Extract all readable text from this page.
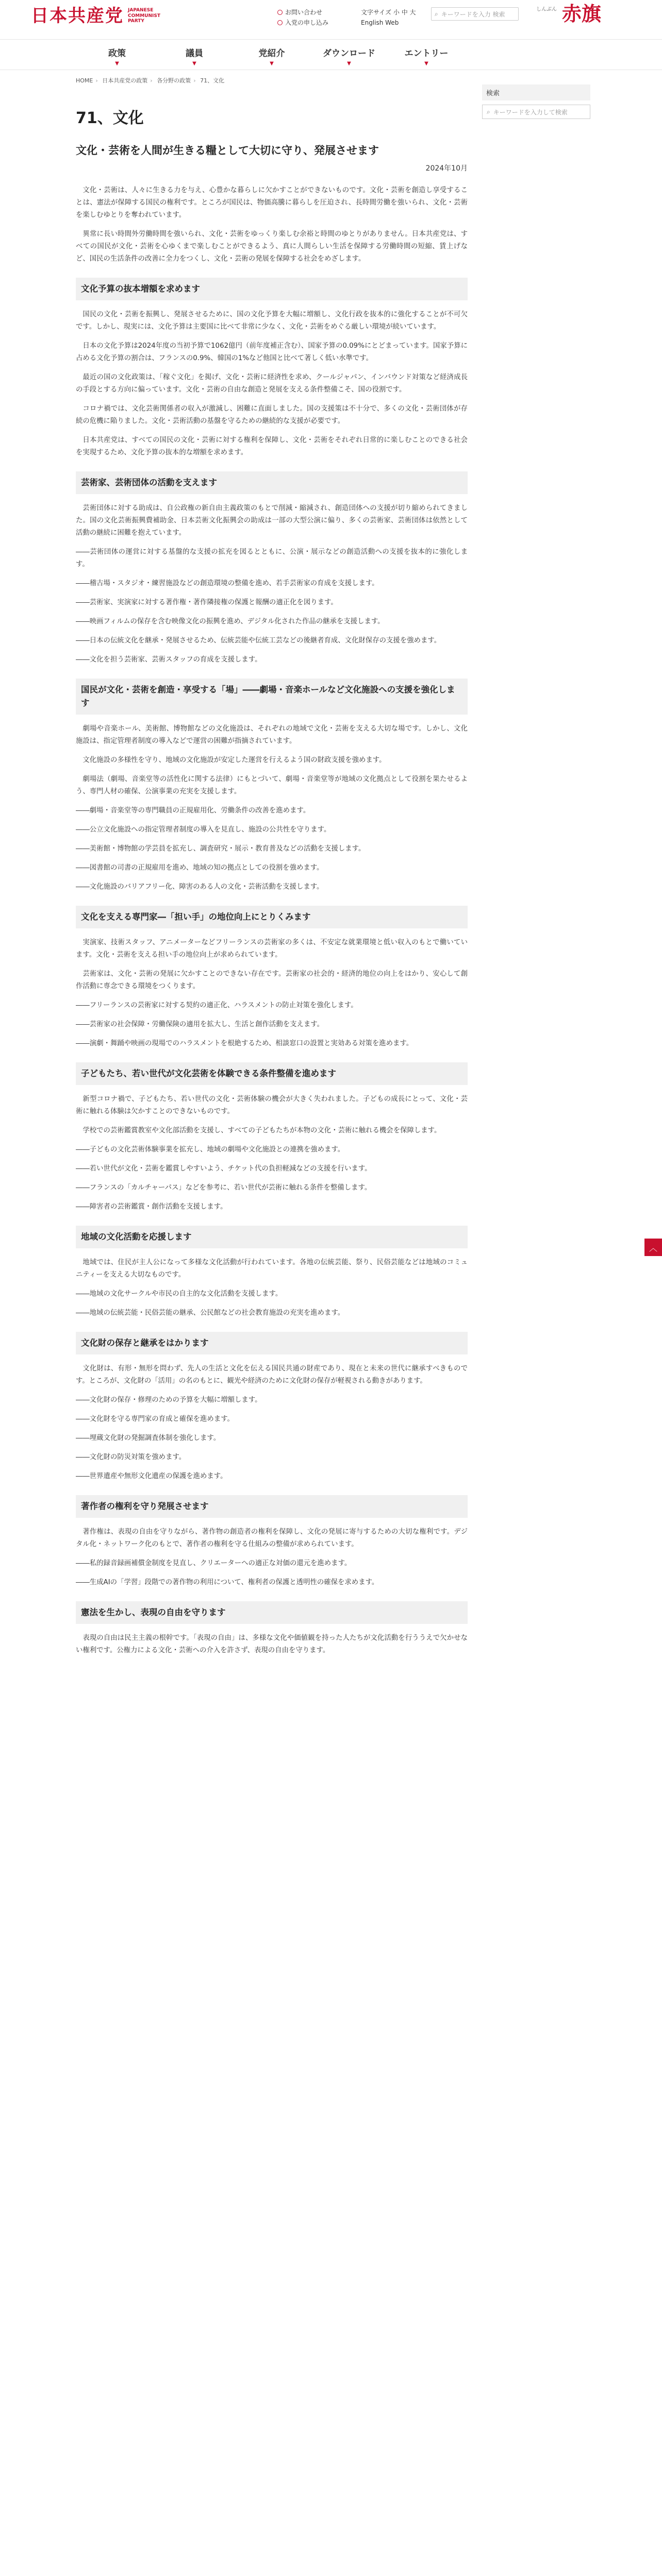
日本共産党 JAPANESE
COMMUNIST
PARTY
お問い合わせ
入党の申し込み
文字サイズ 小 中 大
English Web
⌕ キーワードを入力 検索
しんぶん 赤旗
政策
▼
議員
▼
党紹介
▼
ダウンロード
▼
エントリー
▼
HOME › 日本共産党の政策 › 各分野の政策 › 71、文化
検索
⌕ キーワードを入力して検索
71、文化
文化・芸術を人間が生きる糧として大切に守り、発展させます
2024年10月

文化・芸術は、人々に生きる力を与え、心豊かな暮らしに欠かすことができないものです。文化・芸術を創造し享受することは、憲法が保障する国民の権利です。ところが国民は、物価高騰に暮らしを圧迫され、長時間労働を強いられ、文化・芸術を楽しむゆとりを奪われています。

異常に長い時間外労働時間を強いられ、文化・芸術をゆっくり楽しむ余裕と時間のゆとりがありません。日本共産党は、すべての国民が文化・芸術を心ゆくまで楽しむことができるよう、真に人間らしい生活を保障する労働時間の短縮、賃上げなど、国民の生活条件の改善に全力をつくし、文化・芸術の発展を保障する社会をめざします。

文化予算の抜本増額を求めます

国民の文化・芸術を振興し、発展させるために、国の文化予算を大幅に増額し、文化行政を抜本的に強化することが不可欠です。しかし、現実には、文化予算は主要国に比べて非常に少なく、文化・芸術をめぐる厳しい環境が続いています。

日本の文化予算は2024年度の当初予算で1062億円（前年度補正含む）、国家予算の0.09%にとどまっています。国家予算に占める文化予算の割合は、フランスの0.9%、韓国の1%など他国と比べて著しく低い水準です。

最近の国の文化政策は、「稼ぐ文化」を掲げ、文化・芸術に経済性を求め、クールジャパン、インバウンド対策など経済成長の手段とする方向に偏っています。文化・芸術の自由な創造と発展を支える条件整備こそ、国の役割です。

コロナ禍では、文化芸術関係者の収入が激減し、困難に直面しました。国の支援策は不十分で、多くの文化・芸術団体が存続の危機に陥りました。文化・芸術活動の基盤を守るための継続的な支援が必要です。

日本共産党は、すべての国民の文化・芸術に対する権利を保障し、文化・芸術をそれぞれ日常的に楽しむことのできる社会を実現するため、文化予算の抜本的な増額を求めます。

芸術家、芸術団体の活動を支えます

芸術団体に対する助成は、自公政権の新自由主義政策のもとで削減・縮減され、創造団体への支援が切り縮められてきました。国の文化芸術振興費補助金、日本芸術文化振興会の助成は一部の大型公演に偏り、多くの芸術家、芸術団体は依然として活動の継続に困難を抱えています。

――芸術団体の運営に対する基盤的な支援の拡充を図るとともに、公演・展示などの創造活動への支援を抜本的に強化します。

――稽古場・スタジオ・練習施設などの創造環境の整備を進め、若手芸術家の育成を支援します。

――芸術家、実演家に対する著作権・著作隣接権の保護と報酬の適正化を図ります。

――映画フィルムの保存を含む映像文化の振興を進め、デジタル化された作品の継承を支援します。

――日本の伝統文化を継承・発展させるため、伝統芸能や伝統工芸などの後継者育成、文化財保存の支援を強めます。

――文化を担う芸術家、芸術スタッフの育成を支援します。

国民が文化・芸術を創造・享受する「場」――劇場・音楽ホールなど文化施設への支援を強化します

劇場や音楽ホール、美術館、博物館などの文化施設は、それぞれの地域で文化・芸術を支える大切な場です。しかし、文化施設は、指定管理者制度の導入などで運営の困難が指摘されています。

文化施設の多様性を守り、地域の文化施設が安定した運営を行えるよう国の財政支援を強めます。

劇場法（劇場、音楽堂等の活性化に関する法律）にもとづいて、劇場・音楽堂等が地域の文化拠点として役割を果たせるよう、専門人材の確保、公演事業の充実を支援します。

――劇場・音楽堂等の専門職員の正規雇用化、労働条件の改善を進めます。

――公立文化施設への指定管理者制度の導入を見直し、施設の公共性を守ります。

――美術館・博物館の学芸員を拡充し、調査研究・展示・教育普及などの活動を支援します。

――図書館の司書の正規雇用を進め、地域の知の拠点としての役割を強めます。

――文化施設のバリアフリー化、障害のある人の文化・芸術活動を支援します。

文化を支える専門家―「担い手」の地位向上にとりくみます

実演家、技術スタッフ、アニメーターなどフリーランスの芸術家の多くは、不安定な就業環境と低い収入のもとで働いています。文化・芸術を支える担い手の地位向上が求められています。

芸術家は、文化・芸術の発展に欠かすことのできない存在です。芸術家の社会的・経済的地位の向上をはかり、安心して創作活動に専念できる環境をつくります。

――フリーランスの芸術家に対する契約の適正化、ハラスメントの防止対策を強化します。

――芸術家の社会保障・労働保険の適用を拡大し、生活と創作活動を支えます。

――演劇・舞踊や映画の現場でのハラスメントを根絶するため、相談窓口の設置と実効ある対策を進めます。

子どもたち、若い世代が文化芸術を体験できる条件整備を進めます

新型コロナ禍で、子どもたち、若い世代の文化・芸術体験の機会が大きく失われました。子どもの成長にとって、文化・芸術に触れる体験は欠かすことのできないものです。

学校での芸術鑑賞教室や文化部活動を支援し、すべての子どもたちが本物の文化・芸術に触れる機会を保障します。

――子どもの文化芸術体験事業を拡充し、地域の劇場や文化施設との連携を強めます。

――若い世代が文化・芸術を鑑賞しやすいよう、チケット代の負担軽減などの支援を行います。

――フランスの「カルチャーパス」などを参考に、若い世代が芸術に触れる条件を整備します。

――障害者の芸術鑑賞・創作活動を支援します。

地域の文化活動を応援します

地域では、住民が主人公になって多様な文化活動が行われています。各地の伝統芸能、祭り、民俗芸能などは地域のコミュニティーを支える大切なものです。

――地域の文化サークルや市民の自主的な文化活動を支援します。

――地域の伝統芸能・民俗芸能の継承、公民館などの社会教育施設の充実を進めます。

文化財の保存と継承をはかります

文化財は、有形・無形を問わず、先人の生活と文化を伝える国民共通の財産であり、現在と未来の世代に継承すべきものです。ところが、文化財の「活用」の名のもとに、観光や経済のために文化財の保存が軽視される動きがあります。

――文化財の保存・修理のための予算を大幅に増額します。

――文化財を守る専門家の育成と確保を進めます。

――埋蔵文化財の発掘調査体制を強化します。

――文化財の防災対策を強めます。

――世界遺産や無形文化遺産の保護を進めます。

著作者の権利を守り発展させます

著作権は、表現の自由を守りながら、著作物の創造者の権利を保障し、文化の発展に寄与するための大切な権利です。デジタル化・ネットワーク化のもとで、著作者の権利を守る仕組みの整備が求められています。

――私的録音録画補償金制度を見直し、クリエーターへの適正な対価の還元を進めます。

――生成AIの「学習」段階での著作物の利用について、権利者の保護と透明性の確保を求めます。

憲法を生かし、表現の自由を守ります

表現の自由は民主主義の根幹です。「表現の自由」は、多様な文化や価値観を持った人たちが文化活動を行ううえで欠かせない権利です。公権力による文化・芸術への介入を許さず、表現の自由を守ります。

︿
